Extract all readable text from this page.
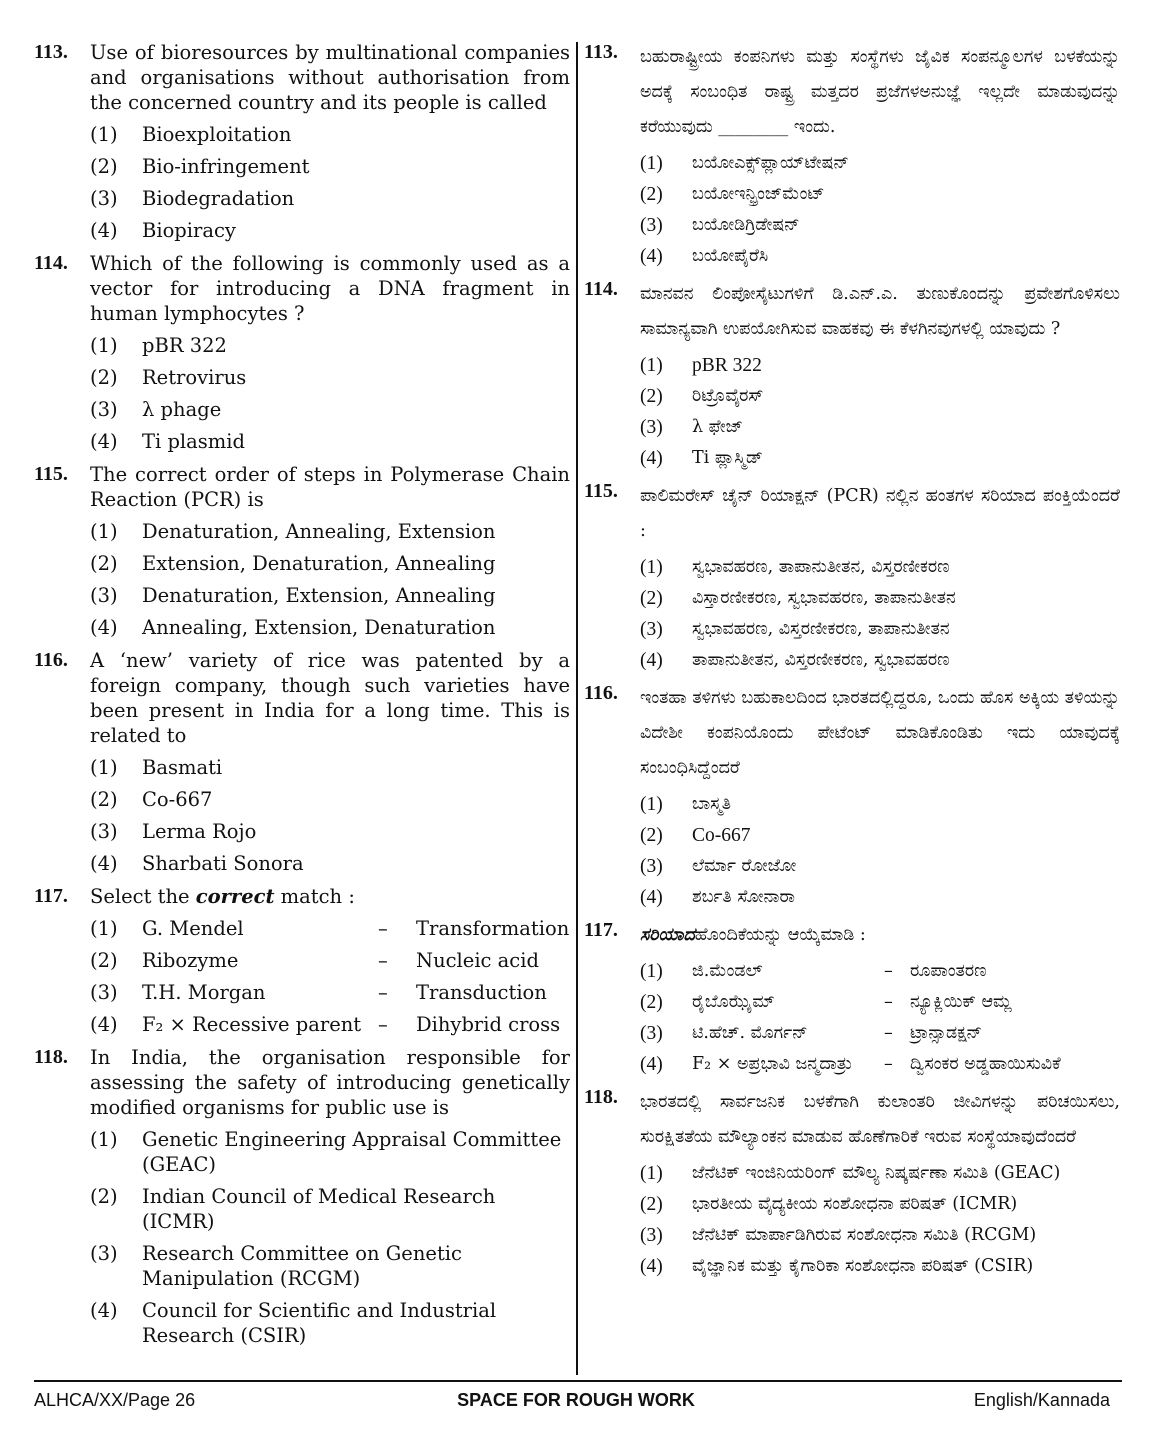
113.	Use of bioresources by multinational companies and organisations without authorisation from the concerned country and its people is called
(1)	Bioexploitation
(2)	Bio-infringement
(3)	Biodegradation
(4)	Biopiracy
114.	Which of the following is commonly used as a vector for introducing a DNA fragment in human lymphocytes ?
(1)	pBR 322
(2)	Retrovirus
(3)	λ phage
(4)	Ti plasmid
115.	The correct order of steps in Polymerase Chain Reaction (PCR) is
(1)	Denaturation, Annealing, Extension
(2)	Extension, Denaturation, Annealing
(3)	Denaturation, Extension, Annealing
(4)	Annealing, Extension, Denaturation
116.	A ‘new’ variety of rice was patented by a foreign company, though such varieties have been present in India for a long time. This is related to
(1)	Basmati
(2)	Co-667
(3)	Lerma Rojo
(4)	Sharbati Sonora
117.	Select the correct match :
(1)	G. Mendel	–	Transformation
(2)	Ribozyme	–	Nucleic acid
(3)	T.H. Morgan	–	Transduction
(4)	F₂ × Recessive parent –	Dihybrid cross
118.	In India, the organisation responsible for assessing the safety of introducing genetically modified organisms for public use is
(1)	Genetic Engineering Appraisal Committee (GEAC)
(2)	Indian Council of Medical Research (ICMR)
(3)	Research Committee on Genetic Manipulation (RCGM)
(4)	Council for Scientific and Industrial Research (CSIR)
113.	ಬಹುರಾಷ್ಟ್ರೀಯ ಕಂಪನಿಗಳು ಮತ್ತು ಸಂಸ್ಥೆಗಳು ಜೈವಿಕ ಸಂಪನ್ಮೂಲಗಳ ಬಳಕೆಯನ್ನು ಅದಕ್ಕೆ ಸಂಬಂಧಿತ ರಾಷ್ಟ್ರ ಮತ್ತದರ ಪ್ರಜೆಗಳಅನುಜ್ಞೆ ಇಲ್ಲದೇ ಮಾಡುವುದನ್ನು ಕರೆಯುವುದು ________ ಇಂದು.
(1)	ಬಯೋಎಕ್ಸ್‌ಪ್ಲಾಯ್‌ಟೇಷನ್
(2)	ಬಯೋಇನ್ಫ್ರಿಂಜ್‌ಮೆಂಟ್
(3)	ಬಯೋಡಿಗ್ರಿಡೇಷನ್
(4)	ಬಯೋಪೈರೆಸಿ
114.	ಮಾನವನ ಲಿಂಪೋಸೈಟುಗಳಿಗೆ ಡಿ.ಎನ್.ಎ. ತುಣುಕೊಂದನ್ನು ಪ್ರವೇಶಗೊಳಿಸಲು ಸಾಮಾನ್ಯವಾಗಿ ಉಪಯೋಗಿಸುವ ವಾಹಕವು ಈ ಕೆಳಗಿನವುಗಳಲ್ಲಿ ಯಾವುದು ?
(1)	pBR 322
(2)	ರಿಟ್ರೊವೈರಸ್
(3)	λ ಫೇಜ್
(4)	Ti ಪ್ಲಾಸ್ಮಿಡ್
115.	ಪಾಲಿಮರೇಸ್ ಚೈನ್ ರಿಯಾಕ್ಷನ್ (PCR) ನಲ್ಲಿನ ಹಂತಗಳ ಸರಿಯಾದ ಪಂಕ್ತಿಯೆಂದರೆ :
(1)	ಸ್ವಭಾವಹರಣ, ತಾಪಾನುತೀತನ, ವಿಸ್ತರಣೀಕರಣ
(2)	ವಿಸ್ತಾರಣೀಕರಣ, ಸ್ವಭಾವಹರಣ, ತಾಪಾನುತೀತನ
(3)	ಸ್ವಭಾವಹರಣ, ವಿಸ್ತರಣೀಕರಣ, ತಾಪಾನುತೀತನ
(4)	ತಾಪಾನುತೀತನ, ವಿಸ್ತರಣೀಕರಣ, ಸ್ವಭಾವಹರಣ
116.	ಇಂತಹಾ ತಳಿಗಳು ಬಹುಕಾಲದಿಂದ ಭಾರತದಲ್ಲಿದ್ದರೂ, ಒಂದು ಹೊಸ ಅಕ್ಕಿಯ ತಳಿಯನ್ನು ವಿದೇಶೀ ಕಂಪನಿಯೊಂದು ಪೇಟೆಂಟ್ ಮಾಡಿಕೊಂಡಿತು ಇದು ಯಾವುದಕ್ಕೆ ಸಂಬಂಧಿಸಿದ್ದೆಂದರೆ
(1)	ಬಾಸ್ಮತಿ
(2)	Co-667
(3)	ಲೆರ್ಮಾ ರೋಜೋ
(4)	ಶರ್ಬತಿ ಸೋನಾರಾ
117.	ಸರಿಯಾದಹೊಂದಿಕೆಯನ್ನು ಆಯ್ಕೆಮಾಡಿ :
(1)	ಜಿ.ಮೆಂಡಲ್	– ರೂಪಾಂತರಣ
(2)	ರೈಬೊಝೈಮ್	– ನ್ಯೂಕ್ಲಿಯಿಕ್ ಆಮ್ಲ
(3)	ಟಿ.ಹೆಚ್. ಮೊರ್ಗನ್	– ಟ್ರಾನ್ಸಾಡಕ್ಷನ್
(4)	F₂ × ಅಪ್ರಭಾವಿ ಜನ್ಮದಾತ್ರು	– ದ್ವಿಸಂಕರ ಅಡ್ಡಹಾಯಿಸುವಿಕೆ
118.	ಭಾರತದಲ್ಲಿ ಸಾರ್ವಜನಿಕ ಬಳಕೆಗಾಗಿ ಕುಲಾಂತರಿ ಜೀವಿಗಳನ್ನು ಪರಿಚಯಿಸಲು, ಸುರಕ್ಷಿತತೆಯ ಮೌಲ್ಯಾಂಕನ ಮಾಡುವ ಹೊಣೆಗಾರಿಕೆ ಇರುವ ಸಂಸ್ಥೆಯಾವುದೆಂದರೆ
(1)	ಜೆನೆಟಿಕ್ ಇಂಜಿನಿಯರಿಂಗ್ ಮೌಲ್ಯ ನಿಷ್ಕರ್ಷಣಾ ಸಮಿತಿ (GEAC)
(2)	ಭಾರತೀಯ ವೈದ್ಯಕೀಯ ಸಂಶೋಧನಾ ಪರಿಷತ್ (ICMR)
(3)	ಜೆನೆಟಿಕ್ ಮಾರ್ಪಾಡಿಗಿರುವ ಸಂಶೋಧನಾ ಸಮಿತಿ (RCGM)
(4)	ವೈಜ್ಞಾನಿಕ ಮತ್ತು ಕೈಗಾರಿಕಾ ಸಂಶೋಧನಾ ಪರಿಷತ್ (CSIR)
ALHCA/XX/Page 26	SPACE FOR ROUGH WORK	English/Kannada
